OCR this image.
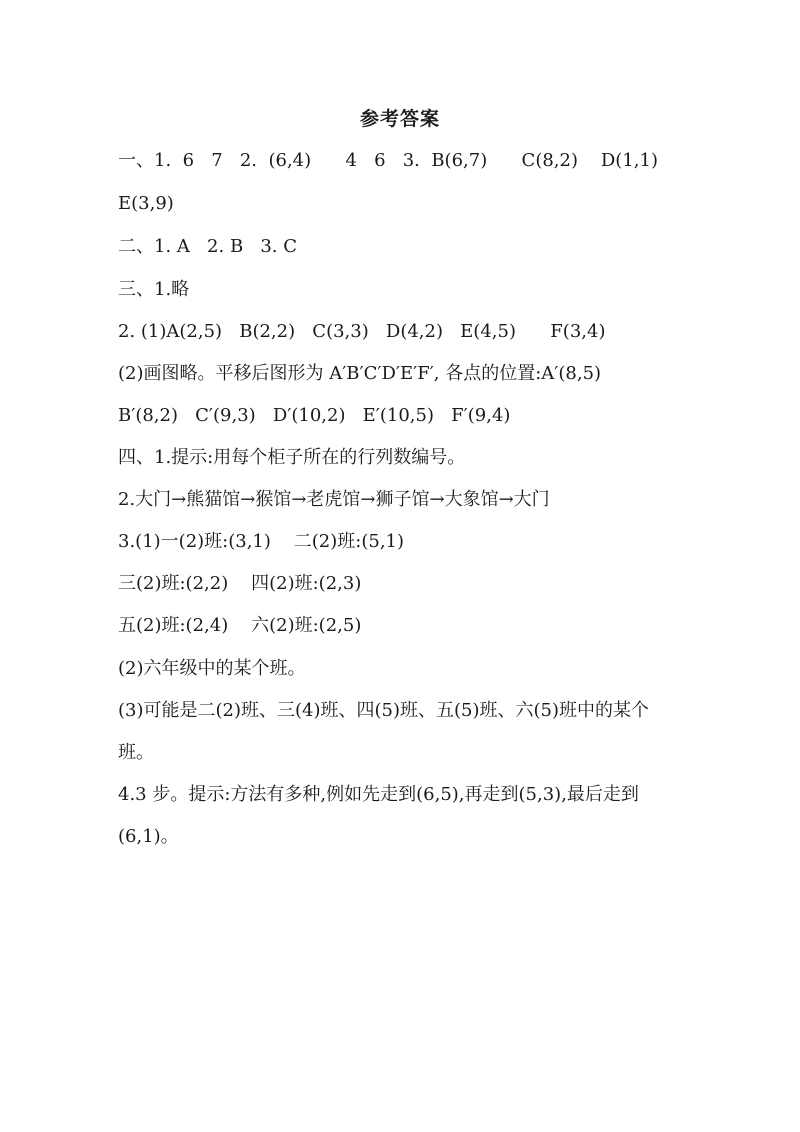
参考答案
一、1.  6   7   2.  (6,4)      4   6   3.  B(6,7)      C(8,2)    D(1,1)
E(3,9)
二、1. A   2. B   3. C
三、1.略
2. (1)A(2,5)   B(2,2)   C(3,3)   D(4,2)   E(4,5)      F(3,4)
(2)画图略。平移后图形为 A′B′C′D′E′F′, 各点的位置:A′(8,5)
B′(8,2)   C′(9,3)   D′(10,2)   E′(10,5)   F′(9,4)
四、1.提示:用每个柜子所在的行列数编号。
2.大门→熊猫馆→猴馆→老虎馆→狮子馆→大象馆→大门
3.(1)一(2)班:(3,1)    二(2)班:(5,1)
三(2)班:(2,2)    四(2)班:(2,3)
五(2)班:(2,4)    六(2)班:(2,5)
(2)六年级中的某个班。
(3)可能是二(2)班、三(4)班、四(5)班、五(5)班、六(5)班中的某个
班。
4.3 步。提示:方法有多种,例如先走到(6,5),再走到(5,3),最后走到
(6,1)。
